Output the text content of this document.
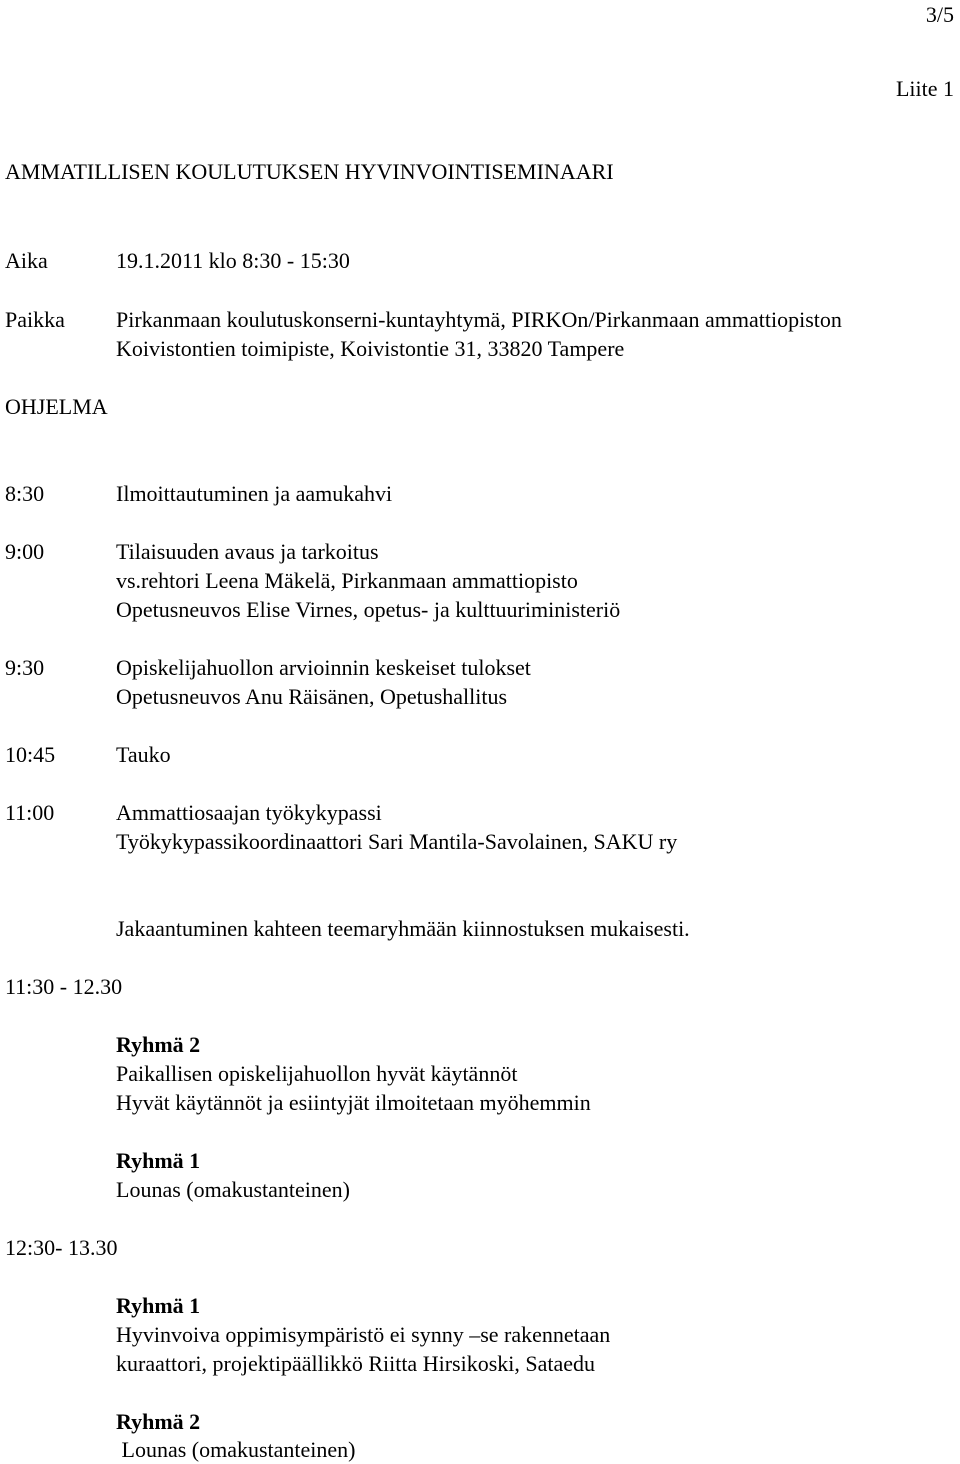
3/5
Liite 1
AMMATILLISEN KOULUTUKSEN HYVINVOINTISEMINAARI
Aika	19.1.2011 klo 8:30 - 15:30
Paikka Pirkanmaan koulutuskonserni-kuntayhtymä, PIRKOn/Pirkanmaan ammattiopiston
Koivistontien toimipiste, Koivistontie 31, 33820 Tampere
OHJELMA
8:30	Ilmoittautuminen ja aamukahvi
9:00	Tilaisuuden avaus ja tarkoitus
vs.rehtori Leena Mäkelä, Pirkanmaan ammattiopisto
Opetusneuvos Elise Virnes, opetus- ja kulttuuriministeriö
9:30	Opiskelijahuollon arvioinnin keskeiset tulokset
Opetusneuvos Anu Räisänen, Opetushallitus
10:45	Tauko
11:00	Ammattiosaajan työkykypassi
Työkykypassikoordinaattori Sari Mantila-Savolainen, SAKU ry
Jakaantuminen kahteen teemaryhmään kiinnostuksen mukaisesti.
11:30 - 12.30
Ryhmä 2
Paikallisen opiskelijahuollon hyvät käytännöt
Hyvät käytännöt ja esiintyjät ilmoitetaan myöhemmin
Ryhmä 1
Lounas (omakustanteinen)
12:30- 13.30
Ryhmä 1
Hyvinvoiva oppimisympäristö ei synny –se rakennetaan
kuraattori, projektipäällikkö Riitta Hirsikoski, Sataedu
Ryhmä 2
Lounas (omakustanteinen)
